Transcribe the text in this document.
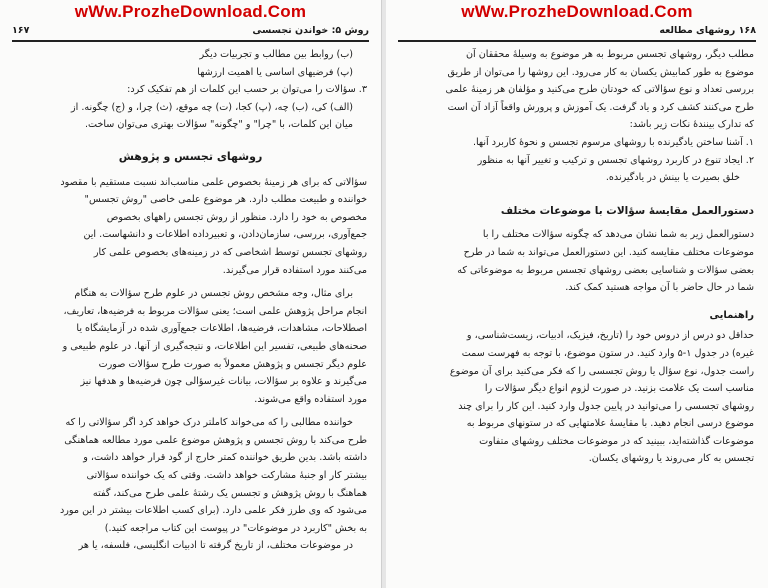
wWw.ProzheDownload.Com
روش ۵: خواندن تجسسی
۱۶۷
(ب) روابط بین مطالب و تجربیات دیگر
(پ) فرضیهای اساسی یا اهمیت ارزشها
۳. سؤالات را می‌توان بر حسب این کلمات از هم تفکیک کرد:
(الف) کی، (ب) چه، (پ) کجا، (ت) چه موقع، (ث) چرا، و (ج) چگونه. از
میان این کلمات، با "چرا" و "چگونه" سؤالات بهتری می‌توان ساخت.
روشهای تجسس و پژوهش
سؤالاتی که برای هر زمینهٔ بخصوص علمی مناسب‌اند نسبت مستقیم با مقصود
خواننده و طبیعت مطلب دارد. هر موضوع علمی خاصی "روش تجسس"
مخصوص به خود را دارد. منظور از روش تجسس راههای بخصوص
جمع‌آوری، بررسی، سازمان‌دادن، و تعبیرداده اطلاعات و دانشهاست. این
روشهای تجسس توسط اشخاصی که در زمینه‌های بخصوص علمی کار
می‌کنند مورد استفاده قرار می‌گیرند.
برای مثال، وجه مشخص روش تجسس در علوم طرح سؤالات به هنگام
انجام مراحل پژوهش علمی است؛ یعنی سؤالات مربوط به فرضیه‌ها، تعاریف،
اصطلاحات، مشاهدات، فرضیه‌ها، اطلاعات جمع‌آوری شده در آزمایشگاه یا
صحنه‌های طبیعی، تفسیر این اطلاعات، و نتیجه‌گیری از آنها. در علوم طبیعی و
علوم دیگر تجسس و پژوهش معمولاً به صورت طرح سؤالات صورت
می‌گیرند و علاوه بر سؤالات، بیانات غیرسؤالی چون فرضیه‌ها و هدفها نیز
مورد استفاده واقع می‌شوند.
خواننده مطالبی را که می‌خواند کاملتر درک خواهد کرد اگر سؤالاتی را که
طرح می‌کند با روش تجسس و پژوهش موضوع علمی مورد مطالعه هماهنگی
داشته باشد. بدین طریق خواننده کمتر خارج از گود قرار خواهد داشت، و
بیشتر کار او جنبهٔ مشارکت خواهد داشت. وقتی که یک خواننده سؤالاتی
هماهنگ با روش پژوهش و تجسس یک رشتهٔ علمی طرح می‌کند، گفته
می‌شود که وی طرز فکر علمی دارد. (برای کسب اطلاعات بیشتر در این مورد
به بخش "کاربرد در موضوعات" در پیوست این کتاب مراجعه کنید.)
در موضوعات مختلف، از تاریخ گرفته تا ادبیات انگلیسی، فلسفه، یا هر
wWw.ProzheDownload.Com
۱۶۸ روشهای مطالعه
مطلب دیگر، روشهای تجسس مربوط به هر موضوع به وسیلهٔ محققان آن
موضوع به طور کمابیش یکسان به کار می‌رود. این روشها را می‌توان از طریق
بررسی تعداد و نوع سؤالاتی که خودتان طرح می‌کنید و مؤلفان هر زمینهٔ علمی
طرح می‌کنند کشف کرد و یاد گرفت. یک آموزش و پرورش واقعاً آزاد آن است
که تدارک بینندهٔ نکات زیر باشد:
۱. آشنا ساختن یادگیرنده با روشهای مرسوم تجسس و نحوهٔ کاربرد آنها.
۲. ایجاد تنوع در کاربرد روشهای تجسس و ترکیب و تغییر آنها به منظور
خلق بصیرت یا بینش در یادگیرنده.
دستورالعمل مقایسهٔ سؤالات با موضوعات مختلف
دستورالعمل زیر به شما نشان می‌دهد که چگونه سؤالات مختلف را با
موضوعات مختلف مقایسه کنید. این دستورالعمل می‌تواند به شما در طرح
بعضی سؤالات و شناسایی بعضی روشهای تجسس مربوط به موضوعاتی که
شما در حال حاضر با آن مواجه هستید کمک کند.
راهنمایی
حداقل دو درس از دروس خود را (تاریخ، فیزیک، ادبیات، زیست‌شناسی، و
غیره) در جدول ۱-۵ وارد کنید. در ستون موضوع، با توجه به فهرست سمت
راست جدول، نوع سؤال یا روش تجسسی را که فکر می‌کنید برای آن موضوع
مناسب است یک علامت بزنید. در صورت لزوم انواع دیگر سؤالات را
روشهای تجسسی را می‌توانید در پایین جدول وارد کنید. این کار را برای چند
موضوع درسی انجام دهید. با مقایسهٔ علامتهایی که در ستونهای مربوط به
موضوعات گذاشته‌اید، ببینید که در موضوعات مختلف روشهای متفاوت
تجسس به کار می‌روند یا روشهای یکسان.
